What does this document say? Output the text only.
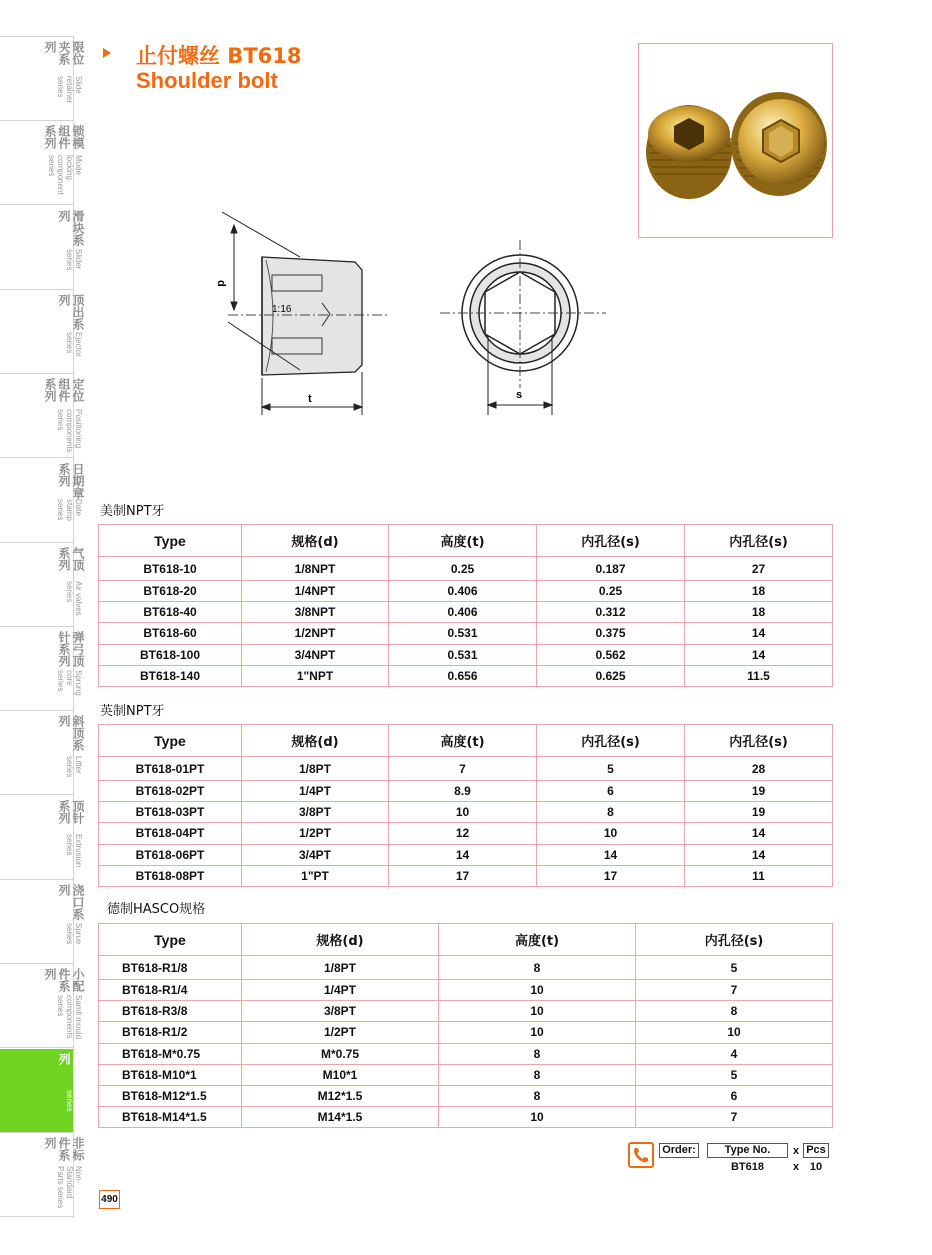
限位夹系列
Slide retainer series
锁模组件系列
Mode locking component series
滑块系列
Slider series
顶出系列
Ejector series
定位组件系列
Positioning components series
日期章系列
Date stamp series
气顶系列
Air valves series
弹弓顶针系列
Sprung core series
斜顶系列
Lifter series
顶针系列
Extrusion series
浇口系列
Sprue series
小配件系列
Samll mould components series
冷却系列
Cooling series
非标件系列
Non-Standard Parts series
止付螺丝 BT618
Shoulder bolt
d
1:16
t	s
美制NPT牙
Type	规格(d)	高度(t)	内孔径(s)	内孔径(s)
BT618-10	1/8NPT	0.25	0.187	27
BT618-20	1/4NPT	0.406	0.25	18
BT618-40	3/8NPT	0.406	0.312	18
BT618-60	1/2NPT	0.531	0.375	14
BT618-100	3/4NPT	0.531	0.562	14
BT618-140	1"NPT	0.656	0.625	11.5
英制NPT牙
Type	规格(d)	高度(t)	内孔径(s)	内孔径(s)
BT618-01PT	1/8PT	7	5	28
BT618-02PT	1/4PT	8.9	6	19
BT618-03PT	3/8PT	10	8	19
BT618-04PT	1/2PT	12	10	14
BT618-06PT	3/4PT	14	14	14
BT618-08PT	1"PT	17	17	11
德制HASCO规格
Type	规格(d)	高度(t)	内孔径(s)
BT618-R1/8	1/8PT	8	5
BT618-R1/4	1/4PT	10	7
BT618-R3/8	3/8PT	10	8
BT618-R1/2	1/2PT	10	10
BT618-M*0.75	M*0.75	8	4
BT618-M10*1	M10*1	8	5
BT618-M12*1.5	M12*1.5	8	6
BT618-M14*1.5	M14*1.5	10	7
Order:	Type No.	x Pcs
BT618	x 10
490
